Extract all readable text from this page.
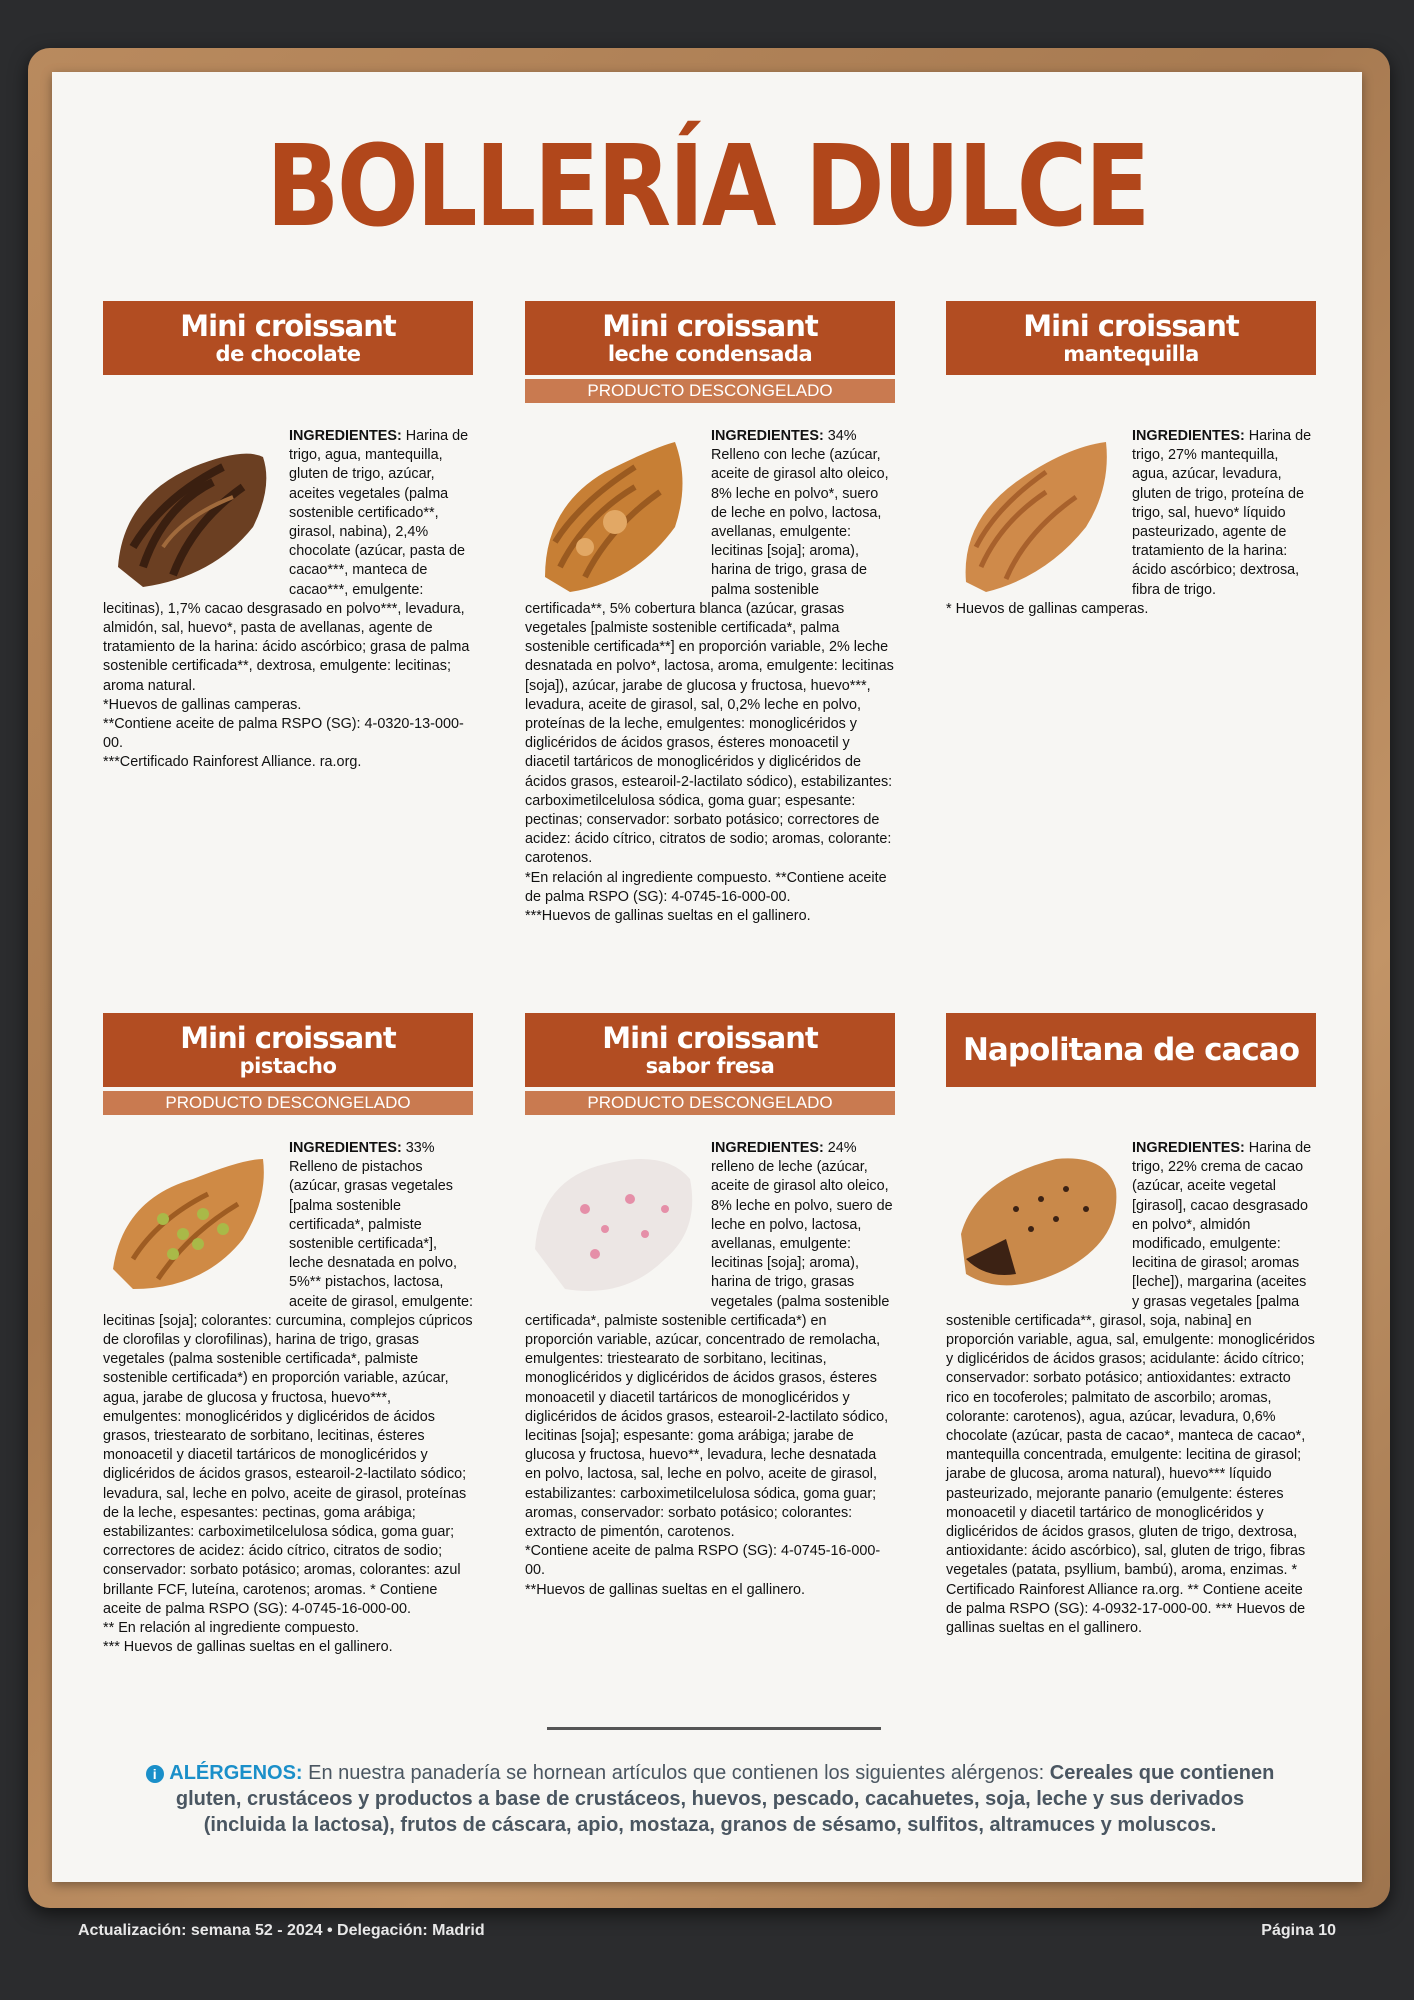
BOLLERÍA DULCE
Mini croissant
de chocolate
INGREDIENTES: Harina de trigo, agua, mantequilla, gluten de trigo, azúcar, aceites vegetales (palma sostenible certificado**, girasol, nabina), 2,4% chocolate (azúcar, pasta de cacao***, manteca de cacao***, emulgente: lecitinas), 1,7% cacao desgrasado en polvo***, levadura, almidón, sal, huevo*, pasta de avellanas, agente de tratamiento de la harina: ácido ascórbico; grasa de palma sostenible certificada**, dextrosa, emulgente: lecitinas; aroma natural.
*Huevos de gallinas camperas.
**Contiene aceite de palma RSPO (SG): 4-0320-13-000-00.
***Certificado Rainforest Alliance. ra.org.
Mini croissant
leche condensada
PRODUCTO DESCONGELADO
INGREDIENTES: 34% Relleno con leche (azúcar, aceite de girasol alto oleico, 8% leche en polvo*, suero de leche en polvo, lactosa, avellanas, emulgente: lecitinas [soja]; aroma), harina de trigo, grasa de palma sostenible certificada**, 5% cobertura blanca (azúcar, grasas vegetales [palmiste sostenible certificada*, palma sostenible certificada**] en proporción variable, 2% leche desnatada en polvo*, lactosa, aroma, emulgente: lecitinas [soja]), azúcar, jarabe de glucosa y fructosa, huevo***, levadura, aceite de girasol, sal, 0,2% leche en polvo, proteínas de la leche, emulgentes: monoglicéridos y diglicéridos de ácidos grasos, ésteres monoacetil y diacetil tartáricos de monoglicéridos y diglicéridos de ácidos grasos, estearoil-2-lactilato sódico), estabilizantes: carboximetilcelulosa sódica, goma guar; espesante: pectinas; conservador: sorbato potásico; correctores de acidez: ácido cítrico, citratos de sodio; aromas, colorante: carotenos.
*En relación al ingrediente compuesto. **Contiene aceite de palma RSPO (SG): 4-0745-16-000-00.
***Huevos de gallinas sueltas en el gallinero.
Mini croissant
mantequilla
INGREDIENTES: Harina de trigo, 27% mantequilla, agua, azúcar, levadura, gluten de trigo, proteína de trigo, sal, huevo* líquido pasteurizado, agente de tratamiento de la harina: ácido ascórbico; dextrosa, fibra de trigo.
* Huevos de gallinas camperas.
Mini croissant
pistacho
PRODUCTO DESCONGELADO
INGREDIENTES: 33% Relleno de pistachos (azúcar, grasas vegetales [palma sostenible certificada*, palmiste sostenible certificada*], leche desnatada en polvo, 5%** pistachos, lactosa, aceite de girasol, emulgente: lecitinas [soja]; colorantes: curcumina, complejos cúpricos de clorofilas y clorofilinas), harina de trigo, grasas vegetales (palma sostenible certificada*, palmiste sostenible certificada*) en proporción variable, azúcar, agua, jarabe de glucosa y fructosa, huevo***, emulgentes: monoglicéridos y diglicéridos de ácidos grasos, triestearato de sorbitano, lecitinas, ésteres monoacetil y diacetil tartáricos de monoglicéridos y diglicéridos de ácidos grasos, estearoil-2-lactilato sódico; levadura, sal, leche en polvo, aceite de girasol, proteínas de la leche, espesantes: pectinas, goma arábiga; estabilizantes: carboximetilcelulosa sódica, goma guar; correctores de acidez: ácido cítrico, citratos de sodio; conservador: sorbato potásico; aromas, colorantes: azul brillante FCF, luteína, carotenos; aromas. * Contiene aceite de palma RSPO (SG): 4-0745-16-000-00.
** En relación al ingrediente compuesto.
*** Huevos de gallinas sueltas en el gallinero.
Mini croissant
sabor fresa
PRODUCTO DESCONGELADO
INGREDIENTES: 24% relleno de leche (azúcar, aceite de girasol alto oleico, 8% leche en polvo, suero de leche en polvo, lactosa, avellanas, emulgente: lecitinas [soja]; aroma), harina de trigo, grasas vegetales (palma sostenible certificada*, palmiste sostenible certificada*) en proporción variable, azúcar, concentrado de remolacha, emulgentes: triestearato de sorbitano, lecitinas, monoglicéridos y diglicéridos de ácidos grasos, ésteres monoacetil y diacetil tartáricos de monoglicéridos y diglicéridos de ácidos grasos, estearoil-2-lactilato sódico, lecitinas [soja]; espesante: goma arábiga; jarabe de glucosa y fructosa, huevo**, levadura, leche desnatada en polvo, lactosa, sal, leche en polvo, aceite de girasol, estabilizantes: carboximetilcelulosa sódica, goma guar; aromas, conservador: sorbato potásico; colorantes: extracto de pimentón, carotenos.
*Contiene aceite de palma RSPO (SG): 4-0745-16-000-00.
**Huevos de gallinas sueltas en el gallinero.
Napolitana de cacao
INGREDIENTES: Harina de trigo, 22% crema de cacao (azúcar, aceite vegetal [girasol], cacao desgrasado en polvo*, almidón modificado, emulgente: lecitina de girasol; aromas [leche]), margarina (aceites y grasas vegetales [palma sostenible certificada**, girasol, soja, nabina] en proporción variable, agua, sal, emulgente: monoglicéridos y diglicéridos de ácidos grasos; acidulante: ácido cítrico; conservador: sorbato potásico; antioxidantes: extracto rico en tocoferoles; palmitato de ascorbilo; aromas, colorante: carotenos), agua, azúcar, levadura, 0,6% chocolate (azúcar, pasta de cacao*, manteca de cacao*, mantequilla concentrada, emulgente: lecitina de girasol; jarabe de glucosa, aroma natural), huevo*** líquido pasteurizado, mejorante panario (emulgente: ésteres monoacetil y diacetil tartárico de monoglicéridos y diglicéridos de ácidos grasos, gluten de trigo, dextrosa, antioxidante: ácido ascórbico), sal, gluten de trigo, fibras vegetales (patata, psyllium, bambú), aroma, enzimas. * Certificado Rainforest Alliance ra.org. ** Contiene aceite de palma RSPO (SG): 4-0932-17-000-00. *** Huevos de gallinas sueltas en el gallinero.
i ALÉRGENOS: En nuestra panadería se hornean artículos que contienen los siguientes alérgenos: Cereales que contienen gluten, crustáceos y productos a base de crustáceos, huevos, pescado, cacahuetes, soja, leche y sus derivados (incluida la lactosa), frutos de cáscara, apio, mostaza, granos de sésamo, sulfitos, altramuces y moluscos.
Actualización: semana 52 - 2024 • Delegación: Madrid	Página 10
